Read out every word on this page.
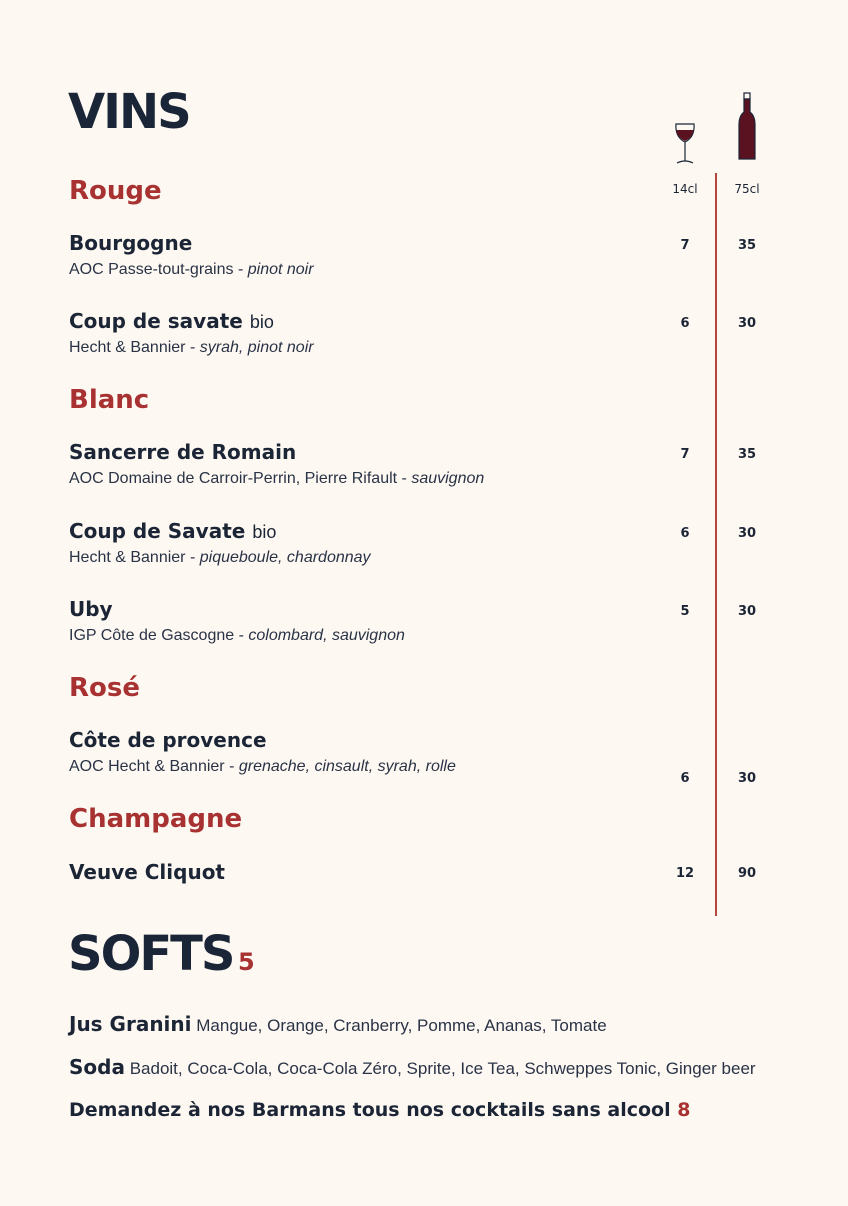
VINS
14cl	75cl
Rouge
Bourgogne
AOC Passe-tout-grains - pinot noir
7	35
Coup de savate bio
Hecht & Bannier - syrah, pinot noir
6	30
Blanc
Sancerre de Romain
AOC Domaine de Carroir-Perrin, Pierre Rifault - sauvignon
7	35
Coup de Savate bio
Hecht & Bannier - piqueboule, chardonnay
6	30
Uby
IGP Côte de Gascogne - colombard, sauvignon
5	30
Rosé
Côte de provence
AOC Hecht & Bannier - grenache, cinsault, syrah, rolle
6	30
Champagne
Veuve Cliquot	12	90
SOFTS 5
Jus Granini Mangue, Orange, Cranberry, Pomme, Ananas, Tomate
Soda Badoit, Coca-Cola, Coca-Cola Zéro, Sprite, Ice Tea, Schweppes Tonic, Ginger beer
Demandez à nos Barmans tous nos cocktails sans alcool 8
